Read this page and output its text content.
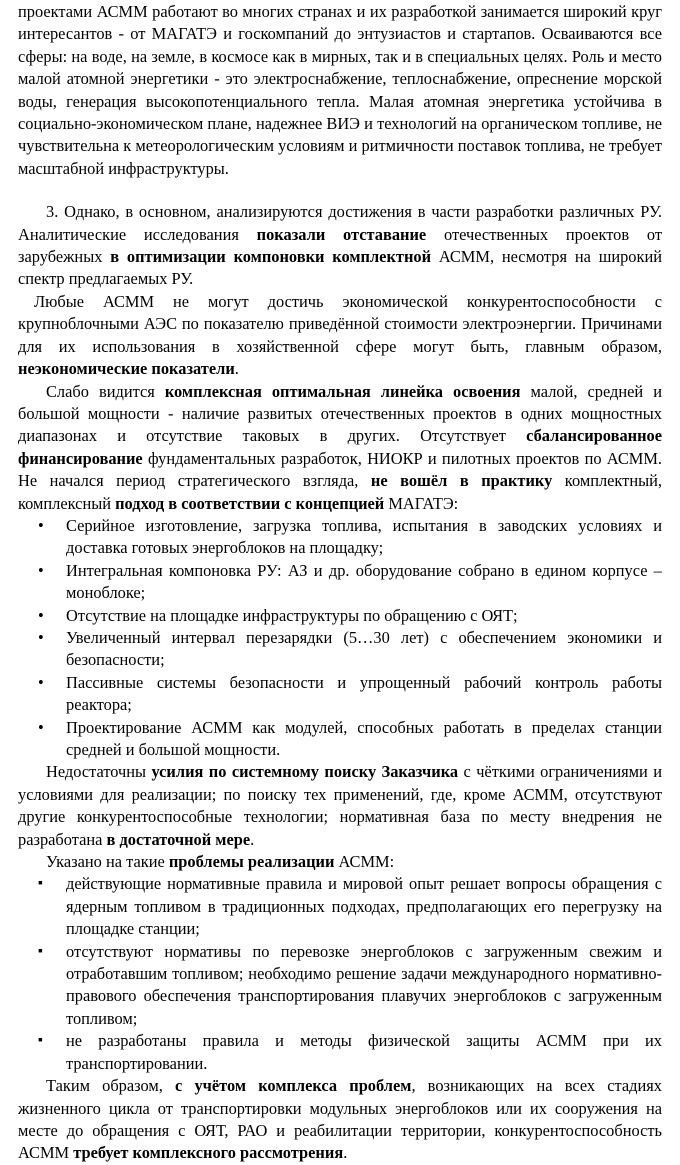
проектами АСММ работают во многих странах и их разработкой занимается широкий круг интересантов - от МАГАТЭ и госкомпаний до энтузиастов и стартапов. Осваиваются все сферы: на воде, на земле, в космосе как в мирных, так и в специальных целях. Роль и место малой атомной энергетики - это электроснабжение, теплоснабжение, опреснение морской воды, генерация высокопотенциального тепла. Малая атомная энергетика устойчива в социально-экономическом плане, надежнее ВИЭ и технологий на органическом топливе, не чувствительна к метеорологическим условиям и ритмичности поставок топлива, не требует масштабной инфраструктуры.

3. Однако, в основном, анализируются достижения в части разработки различных РУ. Аналитические исследования показали отставание отечественных проектов от зарубежных в оптимизации компоновки комплектной АСММ, несмотря на широкий спектр предлагаемых РУ.

Любые АСММ не могут достичь экономической конкурентоспособности с крупноблочными АЭС по показателю приведённой стоимости электроэнергии. Причинами для их использования в хозяйственной сфере могут быть, главным образом, неэкономические показатели.

Слабо видится комплексная оптимальная линейка освоения малой, средней и большой мощности - наличие развитых отечественных проектов в одних мощностных диапазонах и отсутствие таковых в других. Отсутствует сбалансированное финансирование фундаментальных разработок, НИОКР и пилотных проектов по АСММ. Не начался период стратегического взгляда, не вошёл в практику комплектный, комплексный подход в соответствии с концепцией МАГАТЭ:

• Серийное изготовление, загрузка топлива, испытания в заводских условиях и доставка готовых энергоблоков на площадку;
• Интегральная компоновка РУ: АЗ и др. оборудование собрано в едином корпусе – моноблоке;
• Отсутствие на площадке инфраструктуры по обращению с ОЯТ;
• Увеличенный интервал перезарядки (5…30 лет) с обеспечением экономики и безопасности;
• Пассивные системы безопасности и упрощенный рабочий контроль работы реактора;
• Проектирование АСММ как модулей, способных работать в пределах станции средней и большой мощности.

Недостаточны усилия по системному поиску Заказчика с чёткими ограничениями и условиями для реализации; по поиску тех применений, где, кроме АСММ, отсутствуют другие конкурентоспособные технологии; нормативная база по месту внедрения не разработана в достаточной мере.

Указано на такие проблемы реализации АСММ:

▪ действующие нормативные правила и мировой опыт решает вопросы обращения с ядерным топливом в традиционных подходах, предполагающих его перегрузку на площадке станции;
▪ отсутствуют нормативы по перевозке энергоблоков с загруженным свежим и отработавшим топливом; необходимо решение задачи международного нормативно-правового обеспечения транспортирования плавучих энергоблоков с загруженным топливом;
▪ не разработаны правила и методы физической защиты АСММ при их транспортировании.

Таким образом, с учётом комплекса проблем, возникающих на всех стадиях жизненного цикла от транспортировки модульных энергоблоков или их сооружения на месте до обращения с ОЯТ, РАО и реабилитации территории, конкурентоспособность АСММ требует комплексного рассмотрения.
